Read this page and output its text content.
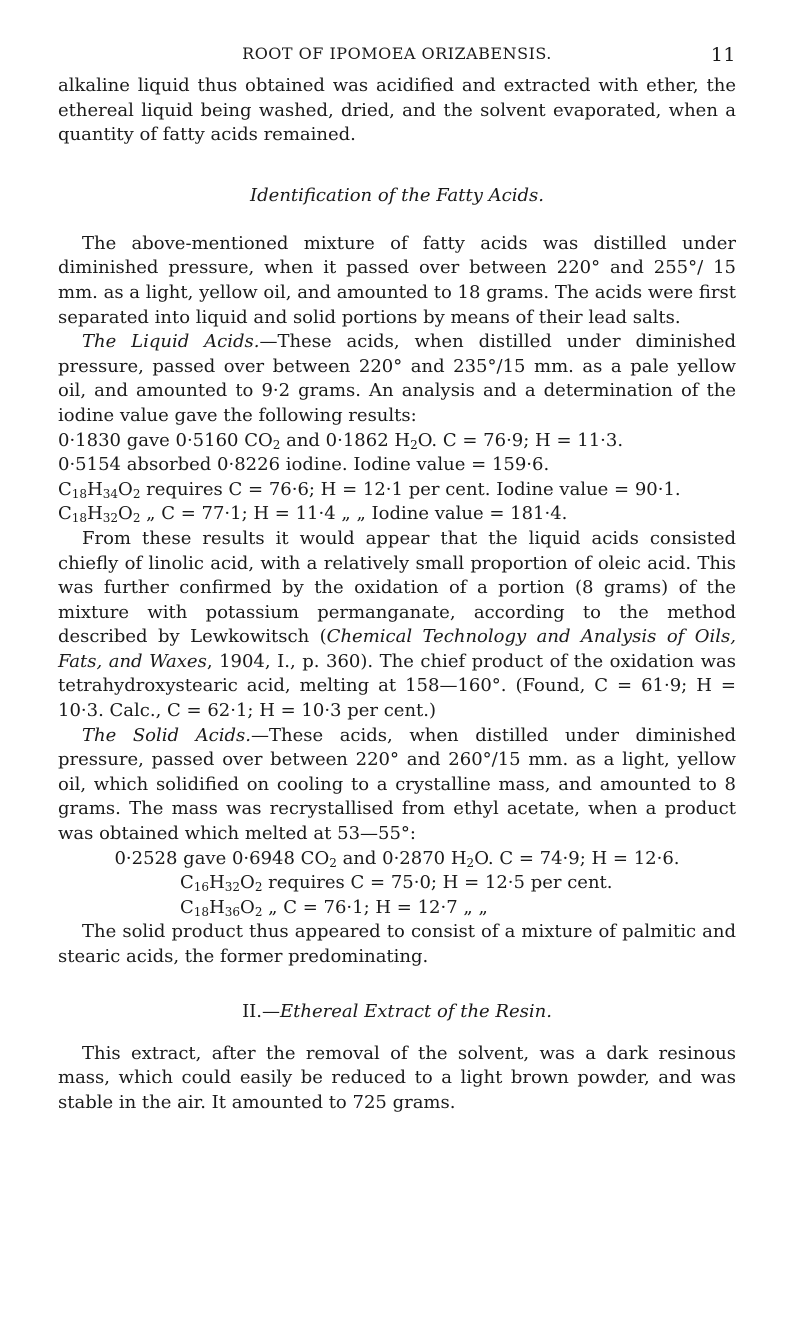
ROOT OF IPOMOEA ORIZABENSIS.	11

alkaline liquid thus obtained was acidified and extracted with ether, the ethereal liquid being washed, dried, and the solvent evaporated, when a quantity of fatty acids remained.

Identification of the Fatty Acids.

The above-mentioned mixture of fatty acids was distilled under diminished pressure, when it passed over between 220° and 255°/ 15 mm. as a light, yellow oil, and amounted to 18 grams. The acids were first separated into liquid and solid portions by means of their lead salts.

The Liquid Acids.—These acids, when distilled under diminished pressure, passed over between 220° and 235°/15 mm. as a pale yellow oil, and amounted to 9·2 grams. An analysis and a determination of the iodine value gave the following results:

0·1830 gave 0·5160 $CO_2$ and 0·1862 $H_2O$. C = 76·9; H = 11·3.

0·5154 absorbed 0·8226 iodine. Iodine value = 159·6.

$C_{18}H_{34}O_2$ requires C = 76·6; H = 12·1 per cent. Iodine value = 90·1.

$C_{18}H_{32}O_2$ „ C = 77·1; H = 11·4 „ „ Iodine value = 181·4.

From these results it would appear that the liquid acids consisted chiefly of linolic acid, with a relatively small proportion of oleic acid. This was further confirmed by the oxidation of a portion (8 grams) of the mixture with potassium permanganate, according to the method described by Lewkowitsch (Chemical Technology and Analysis of Oils, Fats, and Waxes, 1904, I., p. 360). The chief product of the oxidation was tetrahydroxystearic acid, melting at 158—160°. (Found, C = 61·9; H = 10·3. Calc., C = 62·1; H = 10·3 per cent.)

The Solid Acids.—These acids, when distilled under diminished pressure, passed over between 220° and 260°/15 mm. as a light, yellow oil, which solidified on cooling to a crystalline mass, and amounted to 8 grams. The mass was recrystallised from ethyl acetate, when a product was obtained which melted at 53—55°:

0·2528 gave 0·6948 $CO_2$ and 0·2870 $H_2O$. C = 74·9; H = 12·6.

$C_{16}H_{32}O_2$ requires C = 75·0; H = 12·5 per cent.

$C_{18}H_{36}O_2$ „ C = 76·1; H = 12·7 „ „

The solid product thus appeared to consist of a mixture of palmitic and stearic acids, the former predominating.

II.—Ethereal Extract of the Resin.

This extract, after the removal of the solvent, was a dark resinous mass, which could easily be reduced to a light brown powder, and was stable in the air. It amounted to 725 grams.
